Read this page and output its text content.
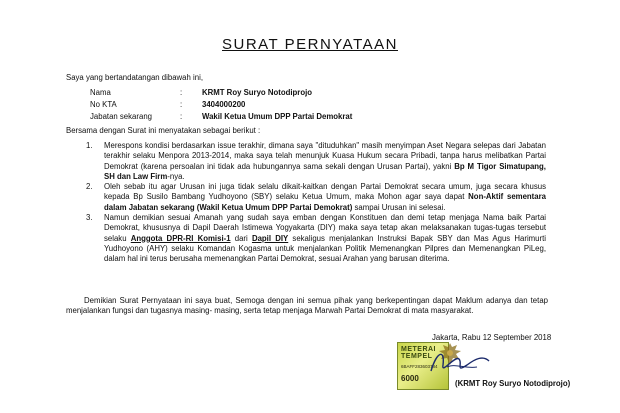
SURAT PERNYATAAN
Saya yang bertandatangan dibawah ini,
Nama	:	KRMT Roy Suryo Notodiprojo
No KTA	:	3404000200
Jabatan sekarang	:	Wakil Ketua Umum DPP Partai Demokrat
Bersama dengan Surat ini menyatakan sebagai berikut :
1. Merespons kondisi berdasarkan issue terakhir, dimana saya "dituduhkan" masih menyimpan Aset Negara selepas dari Jabatan terakhir selaku Menpora 2013-2014, maka saya telah menunjuk Kuasa Hukum secara Pribadi, tanpa harus melibatkan Partai Demokrat (karena persoalan ini tidak ada hubungannya sama sekali dengan Urusan Partai), yakni Bp M Tigor Simatupang, SH dan Law Firm-nya.
2. Oleh sebab itu agar Urusan ini juga tidak selalu dikait-kaitkan dengan Partai Demokrat secara umum, juga secara khusus kepada Bp Susilo Bambang Yudhoyono (SBY) selaku Ketua Umum, maka Mohon agar saya dapat Non-Aktif sementara dalam Jabatan sekarang (Wakil Ketua Umum DPP Partai Demokrat) sampai Urusan ini selesai.
3. Namun demikian sesuai Amanah yang sudah saya emban dengan Konstituen dan demi tetap menjaga Nama baik Partai Demokrat, khususnya di Dapil Daerah Istimewa Yogyakarta (DIY) maka saya tetap akan melaksanakan tugas-tugas tersebut selaku Anggota DPR-RI Komisi-1 dari Dapil DIY sekaligus menjalankan Instruksi Bapak SBY dan Mas Agus Harimurti Yudhoyono (AHY) selaku Komandan Kogasma untuk menjalankan Politik Memenangkan Pilpres dan Memenangkan PiLeg, dalam hal ini terus berusaha memenangkan Partai Demokrat, sesuai Arahan yang barusan diterima.
Demikian Surat Pernyataan ini saya buat, Semoga dengan ini semua pihak yang berkepentingan dapat Maklum adanya dan tetap menjalankan fungsi dan tugasnya masing- masing, serta tetap menjaga Marwah Partai Demokrat di mata masyarakat.
Jakarta, Rabu 12 September 2018
METERAI TEMPEL
6BAFF283603784
6000
(KRMT Roy Suryo Notodiprojo)
